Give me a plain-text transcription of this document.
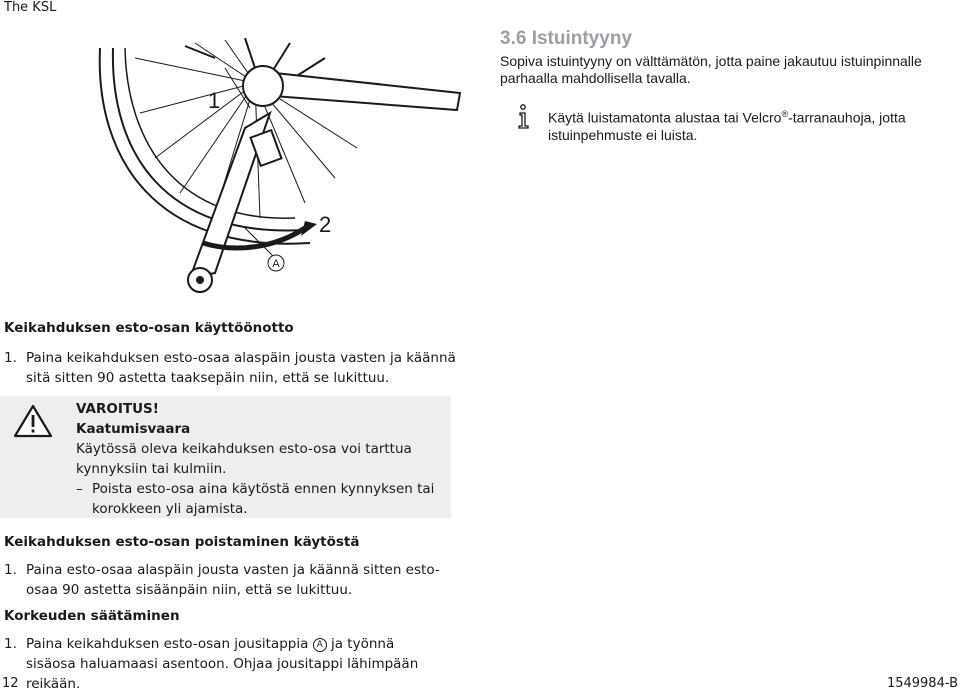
The KSL
1
2
A
3.6 Istuintyyny
Sopiva istuintyyny on välttämätön, jotta paine jakautuu istuinpinnalle parhaalla mahdollisella tavalla.
Käytä luistamatonta alustaa tai Velcro®-tarranauhoja, jotta istuinpehmuste ei luista.
Keikahduksen esto-osan käyttöönotto
1. Paina keikahduksen esto-osaa alaspäin jousta vasten ja käännä sitä sitten 90 astetta taaksepäin niin, että se lukittuu.
VAROITUS!
Kaatumisvaara
Käytössä oleva keikahduksen esto-osa voi tarttua kynnyksiin tai kulmiin.
– Poista esto-osa aina käytöstä ennen kynnyksen tai korokkeen yli ajamista.
Keikahduksen esto-osan poistaminen käytöstä
1. Paina esto-osaa alaspäin jousta vasten ja käännä sitten esto-osaa 90 astetta sisäänpäin niin, että se lukittuu.
Korkeuden säätäminen
1. Paina keikahduksen esto-osan jousitappia A ja työnnä sisäosa haluamaasi asentoon. Ohjaa jousitappi lähimpään reikään.
12	1549984-B
